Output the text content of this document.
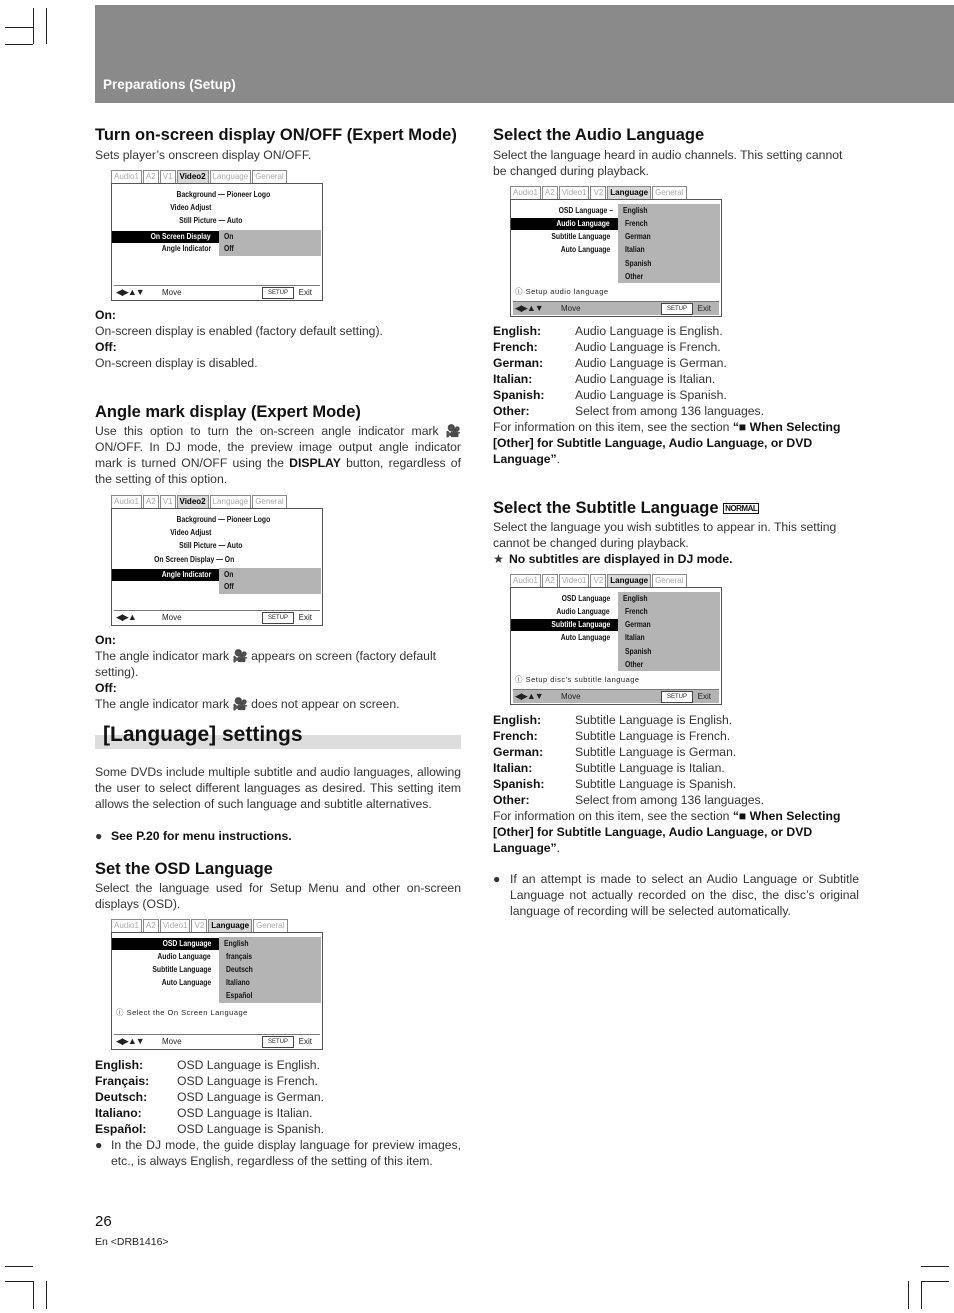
Preparations (Setup)
Turn on-screen display ON/OFF (Expert Mode)
Sets player’s onscreen display ON/OFF.
Audio1 A2 V1 Video2 Language General
Background — Pioneer Logo
Video Adjust
Still Picture — Auto
On Screen Display
Angle Indicator
On
Off
◀▶▲▼ Move	SETUP	Exit
On:
On-screen display is enabled (factory default setting).
Off:
On-screen display is disabled.
Angle mark display (Expert Mode)
Use this option to turn the on-screen angle indicator mark 🎥 ON/OFF. In DJ mode, the preview image output angle indicator mark is turned ON/OFF using the DISPLAY button, regardless of the setting of this option.
Audio1 A2 V1 Video2 Language General
Background — Pioneer Logo
Video Adjust
Still Picture — Auto
On Screen Display — On
Angle Indicator On
Off
◀▶▲	Move	SETUP	Exit
On:
The angle indicator mark 🎥 appears on screen (factory default setting).
Off:
The angle indicator mark 🎥 does not appear on screen.
[Language] settings
Some DVDs include multiple subtitle and audio languages, allowing the user to select different languages as desired. This setting item allows the selection of such language and subtitle alternatives.
● See P.20 for menu instructions.
Set the OSD Language
Select the language used for Setup Menu and other on-screen displays (OSD).
Audio1 A2 Video1 V2 Language General
OSD Language
Audio Language
Subtitle Language
Auto Language
English
français
Deutsch
Italiano
Español
ⓘ Select the On Screen Language
◀▶▲▼ Move	SETUP	Exit
English:	OSD Language is English.
Français: OSD Language is French.
Deutsch: OSD Language is German.
Italiano:	OSD Language is Italian.
Español:	OSD Language is Spanish.
● In the DJ mode, the guide display language for preview images, etc., is always English, regardless of the setting of this item.
Select the Audio Language
Select the language heard in audio channels. This setting cannot be changed during playback.
Audio1 A2 Video1 V2 Language General
OSD Language –
Audio Language
Subtitle Language
Auto Language
English
French
German
Italian
Spanish
Other
ⓘ Setup audio language
◀▶▲▼ Move	SETUP	Exit
English:	Audio Language is English.
French:	Audio Language is French.
German:	Audio Language is German.
Italian:	Audio Language is Italian.
Spanish:	Audio Language is Spanish.
Other:	Select from among 136 languages.
For information on this item, see the section “■ When Selecting [Other] for Subtitle Language, Audio Language, or DVD Language”.
Select the Subtitle Language NORMAL
Select the language you wish subtitles to appear in. This setting cannot be changed during playback.
★ No subtitles are displayed in DJ mode.
Audio1 A2 Video1 V2 Language General
OSD Language
Audio Language
Subtitle Language
Auto Language
English
French
German
Italian
Spanish
Other
ⓘ Setup disc's subtitle language
◀▶▲▼ Move	SETUP	Exit
English:	Subtitle Language is English.
French:	Subtitle Language is French.
German:	Subtitle Language is German.
Italian:	Subtitle Language is Italian.
Spanish:	Subtitle Language is Spanish.
Other:	Select from among 136 languages.
For information on this item, see the section “■ When Selecting [Other] for Subtitle Language, Audio Language, or DVD Language”.
● If an attempt is made to select an Audio Language or Subtitle Language not actually recorded on the disc, the disc’s original language of recording will be selected automatically.
26
En <DRB1416>
